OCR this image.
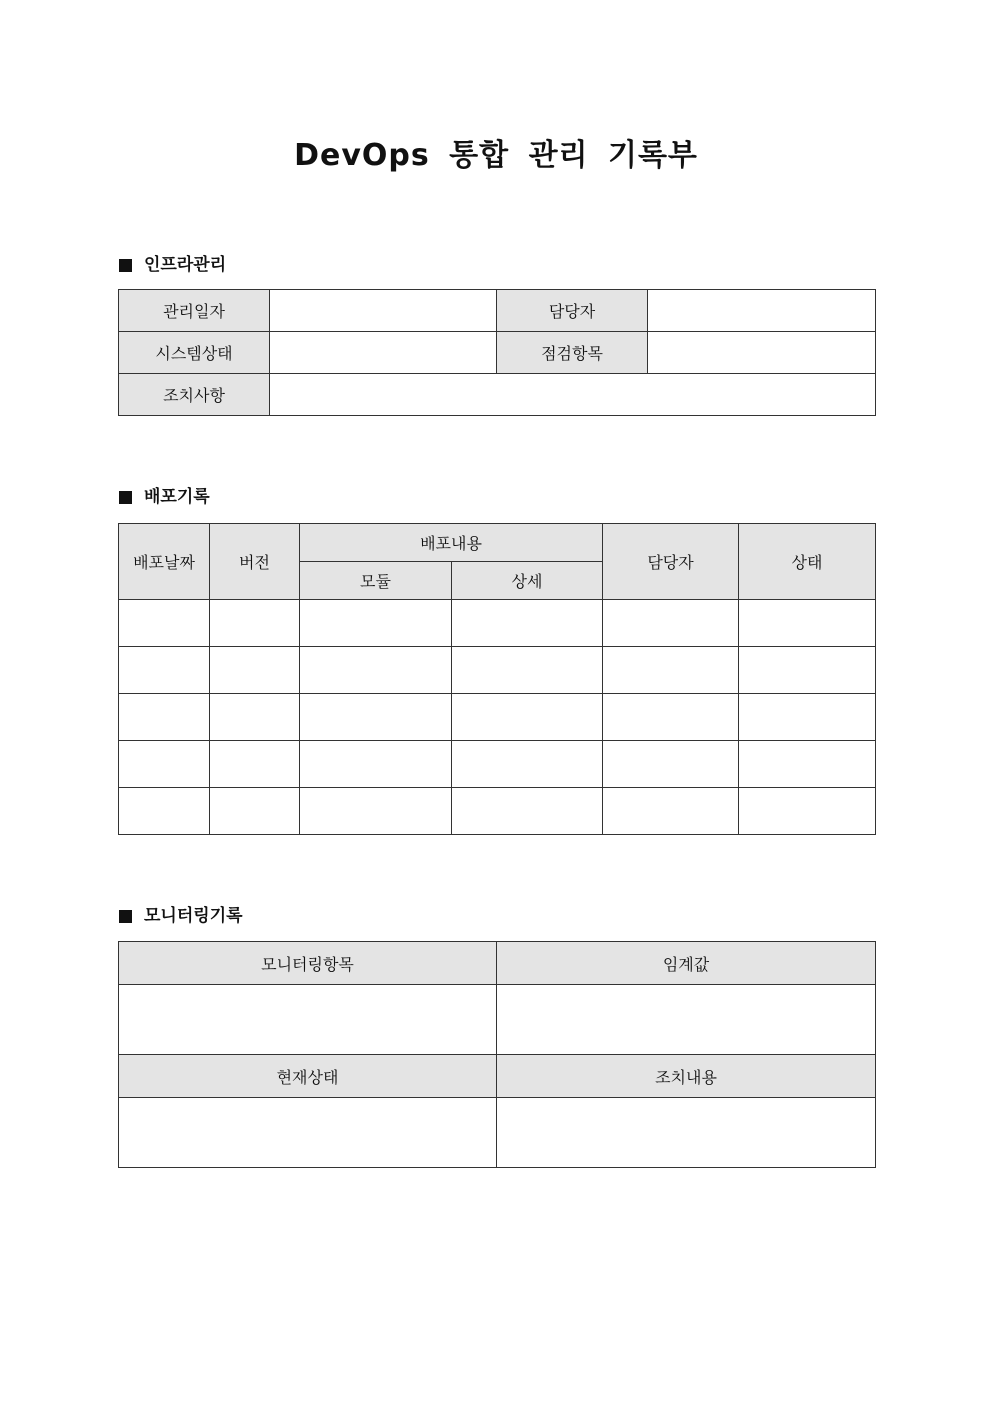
DevOps 통합 관리 기록부
인프라관리
관리일자		담당자	
시스템상태		점검항목	
조치사항			
배포기록
배포날짜	버전	배포내용		담당자	상태
		모듈	상세		

모니터링기록
모니터링항목	임계값

현재상태	조치내용
